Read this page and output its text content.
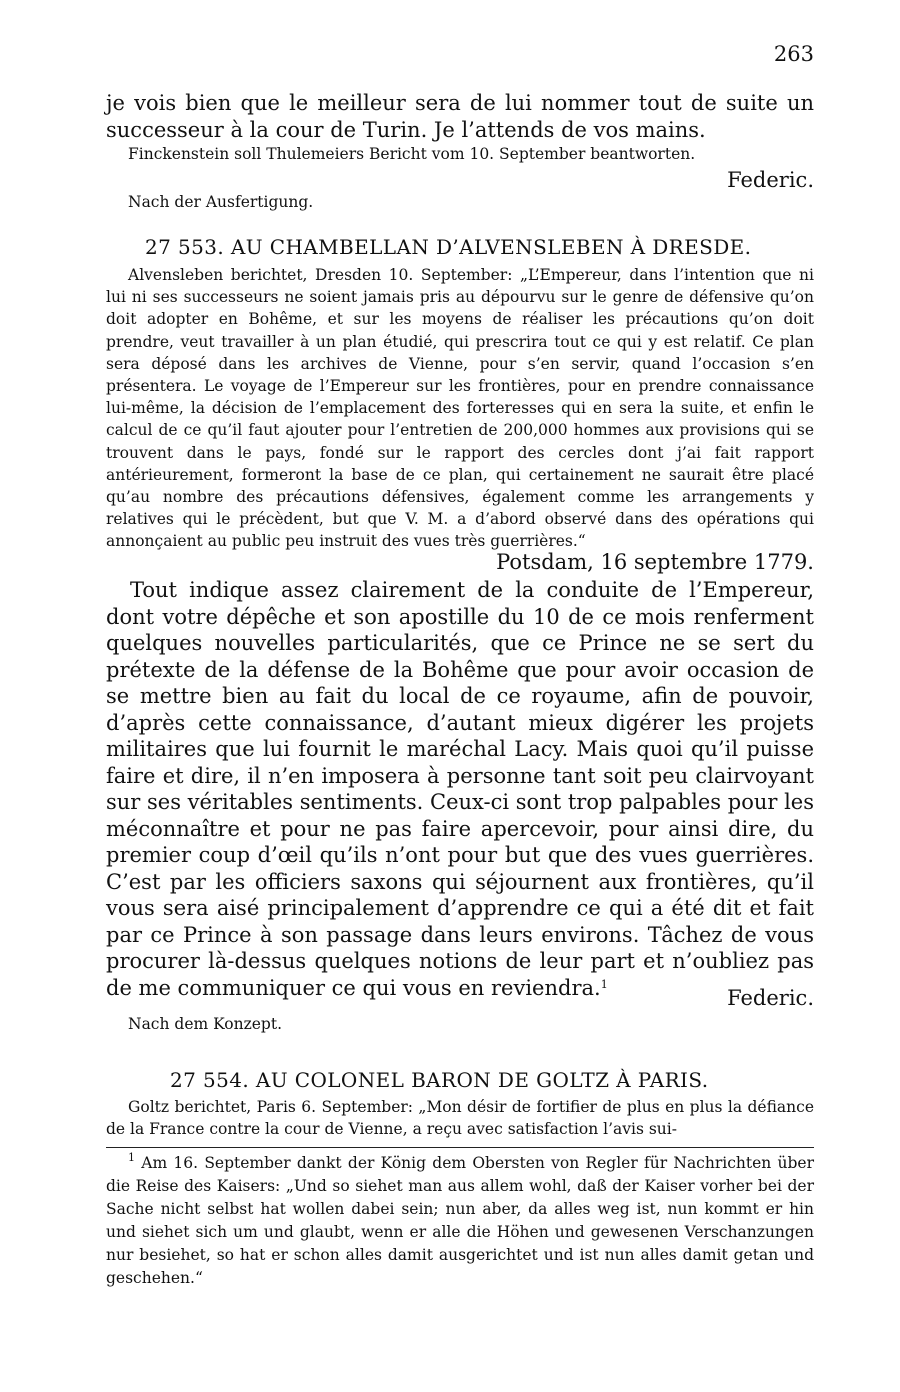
263
je vois bien que le meilleur sera de lui nommer tout de suite un successeur à la cour de Turin. Je l’attends de vos mains.
Finckenstein soll Thulemeiers Bericht vom 10. September beantworten.
Federic.
Nach der Ausfertigung.
27 553. AU CHAMBELLAN D’ALVENSLEBEN À DRESDE.
Alvensleben berichtet, Dresden 10. September: „L’Empereur, dans l’intention que ni lui ni ses successeurs ne soient jamais pris au dépourvu sur le genre de défensive qu’on doit adopter en Bohême, et sur les moyens de réaliser les précautions qu’on doit prendre, veut travailler à un plan étudié, qui prescrira tout ce qui y est relatif. Ce plan sera déposé dans les archives de Vienne, pour s’en servir, quand l’occasion s’en présentera. Le voyage de l’Empereur sur les frontières, pour en prendre connaissance lui-même, la décision de l’emplacement des forteresses qui en sera la suite, et enfin le calcul de ce qu’il faut ajouter pour l’entretien de 200,000 hommes aux provisions qui se trouvent dans le pays, fondé sur le rapport des cercles dont j’ai fait rapport antérieurement, formeront la base de ce plan, qui certainement ne saurait être placé qu’au nombre des précautions défensives, également comme les arrangements y relatives qui le précèdent, but que V. M. a d’abord observé dans des opérations qui annonçaient au public peu instruit des vues très guerrières.“
Potsdam, 16 septembre 1779.
Tout indique assez clairement de la conduite de l’Empereur, dont votre dépêche et son apostille du 10 de ce mois renferment quelques nouvelles particularités, que ce Prince ne se sert du prétexte de la défense de la Bohême que pour avoir occasion de se mettre bien au fait du local de ce royaume, afin de pouvoir, d’après cette connaissance, d’autant mieux digérer les projets militaires que lui fournit le maréchal Lacy. Mais quoi qu’il puisse faire et dire, il n’en imposera à personne tant soit peu clairvoyant sur ses véritables sentiments. Ceux-ci sont trop palpables pour les méconnaître et pour ne pas faire apercevoir, pour ainsi dire, du premier coup d’œil qu’ils n’ont pour but que des vues guerrières. C’est par les officiers saxons qui séjournent aux frontières, qu’il vous sera aisé principalement d’apprendre ce qui a été dit et fait par ce Prince à son passage dans leurs environs. Tâchez de vous procurer là-dessus quelques notions de leur part et n’oubliez pas de me communiquer ce qui vous en reviendra.$^1$
Federic.
Nach dem Konzept.
27 554. AU COLONEL BARON DE GOLTZ À PARIS.
Goltz berichtet, Paris 6. September: „Mon désir de fortifier de plus en plus la défiance de la France contre la cour de Vienne, a reçu avec satisfaction l’avis sui-
$^1$ Am 16. September dankt der König dem Obersten von Regler für Nachrichten über die Reise des Kaisers: „Und so siehet man aus allem wohl, daß der Kaiser vorher bei der Sache nicht selbst hat wollen dabei sein; nun aber, da alles weg ist, nun kommt er hin und siehet sich um und glaubt, wenn er alle die Höhen und gewesenen Verschanzungen nur besiehet, so hat er schon alles damit ausgerichtet und ist nun alles damit getan und geschehen.“
